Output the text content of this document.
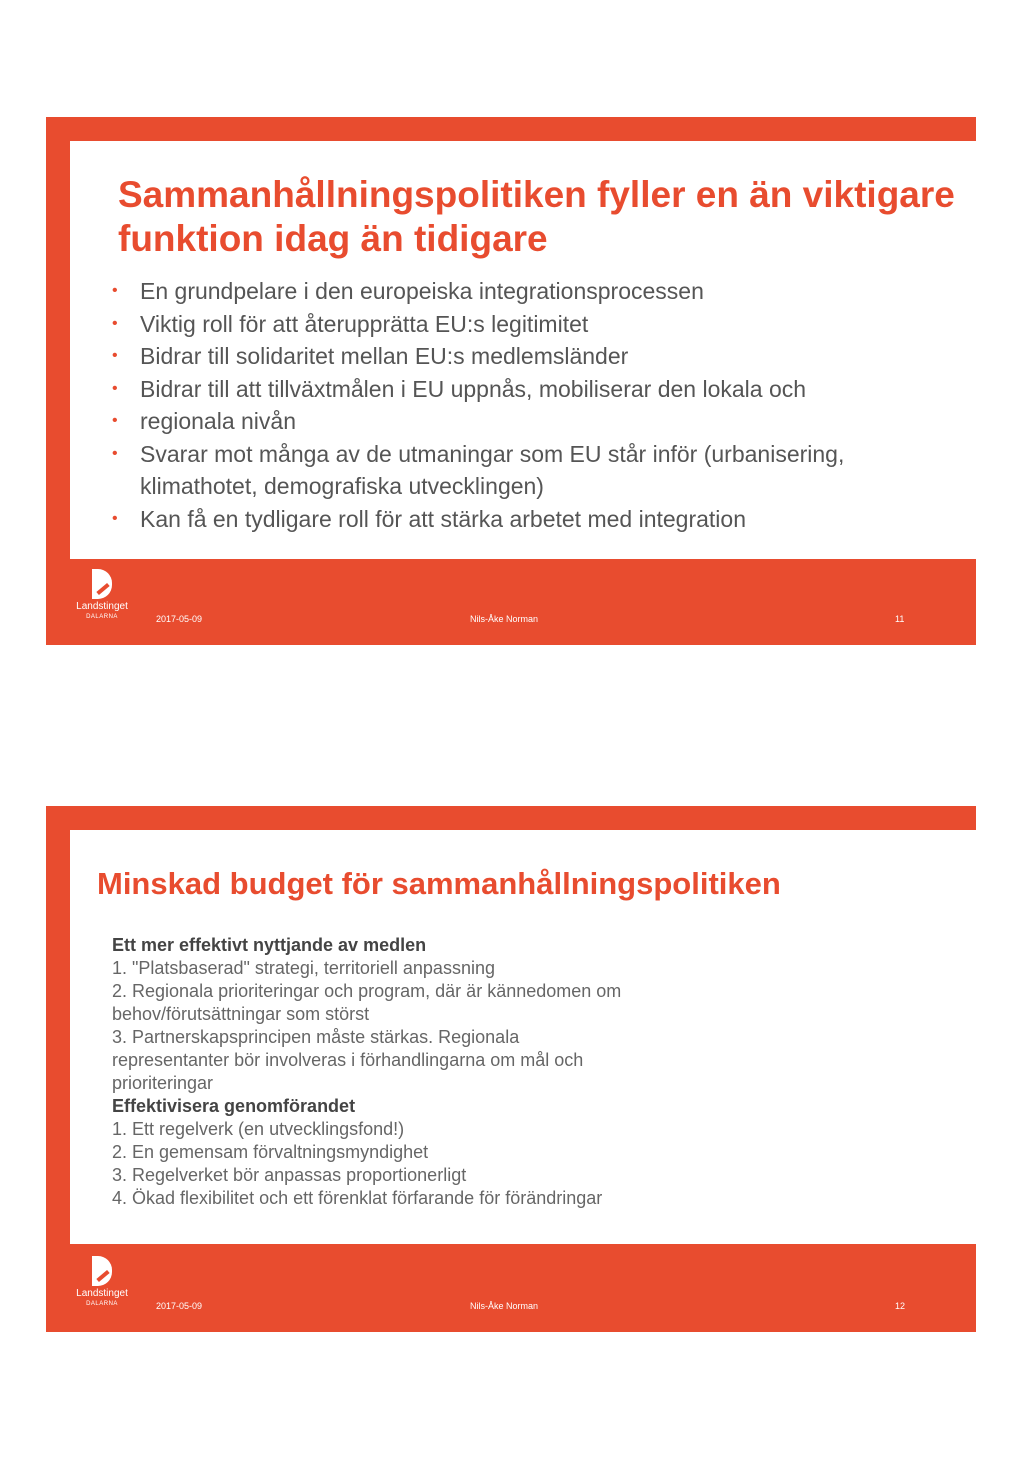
Sammanhållningspolitiken fyller en än viktigare funktion idag än tidigare
• En grundpelare i den europeiska integrationsprocessen
• Viktig roll för att återupprätta EU:s legitimitet
• Bidrar till solidaritet mellan EU:s medlemsländer
• Bidrar till att tillväxtmålen i EU uppnås, mobiliserar den lokala och
• regionala nivån
• Svarar mot många av de utmaningar som EU står inför (urbanisering, klimathotet, demografiska utvecklingen)
• Kan få en tydligare roll för att stärka arbetet med integration
Landstinget
DALARNA	2017-05-09	Nils-Åke Norman	11
Minskad budget för sammanhållningspolitiken
Ett mer effektivt nyttjande av medlen
1. "Platsbaserad" strategi, territoriell anpassning
2. Regionala prioriteringar och program, där är kännedomen om
behov/förutsättningar som störst
3. Partnerskapsprincipen måste stärkas. Regionala
representanter bör involveras i förhandlingarna om mål och
prioriteringar
Effektivisera genomförandet
1. Ett regelverk (en utvecklingsfond!)
2. En gemensam förvaltningsmyndighet
3. Regelverket bör anpassas proportionerligt
4. Ökad flexibilitet och ett förenklat förfarande för förändringar
Landstinget
DALARNA	2017-05-09	Nils-Åke Norman	12
